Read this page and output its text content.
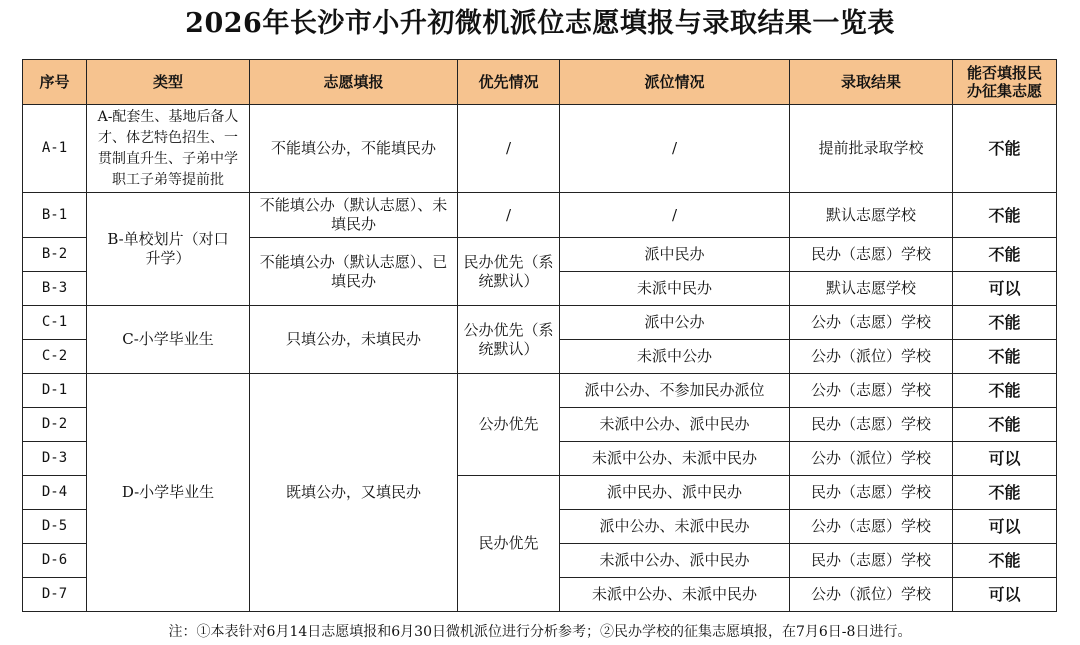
2026年长沙市小升初微机派位志愿填报与录取结果一览表
序号	类型	志愿填报	优先情况	派位情况	录取结果	能否填报民办征集志愿
A-1	A-配套生、基地后备人才、体艺特色招生、一贯制直升生、子弟中学职工子弟等提前批	不能填公办，不能填民办	/	/	提前批录取学校	不能
B-1	B-单校划片（对口升学）	不能填公办（默认志愿）、未填民办	/	/	默认志愿学校	不能
B-2		不能填公办（默认志愿）、已填民办	民办优先（系统默认）	派中民办	民办（志愿）学校	不能
B-3				未派中民办	默认志愿学校	可以
C-1	C-小学毕业生	只填公办，未填民办	公办优先（系统默认）	派中公办	公办（志愿）学校	不能
C-2				未派中公办	公办（派位）学校	不能
D-1	D-小学毕业生	既填公办，又填民办	公办优先	派中公办、不参加民办派位	公办（志愿）学校	不能
D-2				未派中公办、派中民办	民办（志愿）学校	不能
D-3				未派中公办、未派中民办	公办（派位）学校	可以
D-4			民办优先	派中民办、派中民办	民办（志愿）学校	不能
D-5				派中公办、未派中民办	公办（志愿）学校	可以
D-6				未派中公办、派中民办	民办（志愿）学校	不能
D-7				未派中公办、未派中民办	公办（派位）学校	可以
注：①本表针对6月14日志愿填报和6月30日微机派位进行分析参考；②民办学校的征集志愿填报，在7月6日-8日进行。
